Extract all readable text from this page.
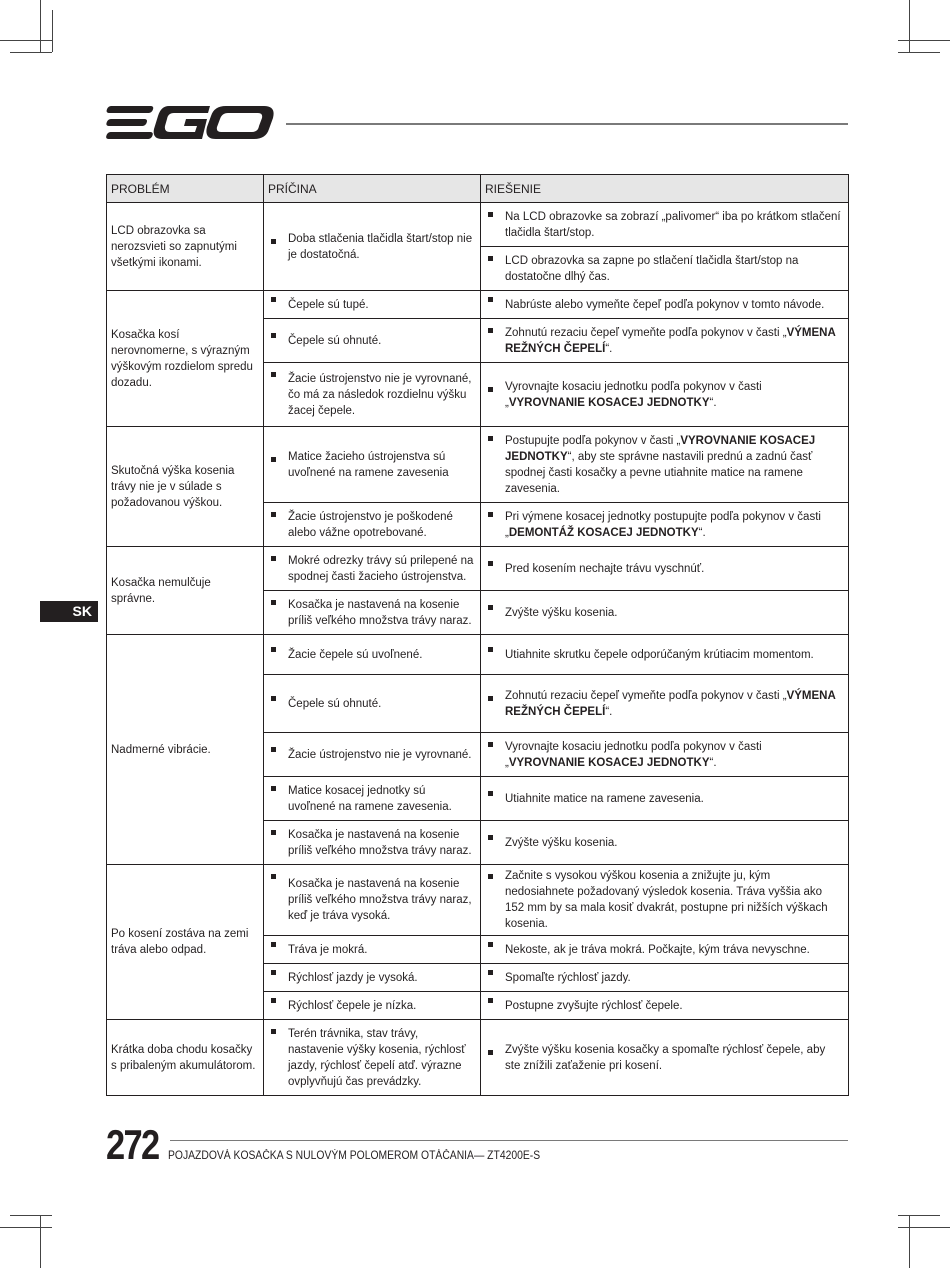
SK
PROBLÉM	PRÍČINA	RIEŠENIE
LCD obrazovka sa nerozsvieti so zapnutými všetkými ikonami.	Doba stlačenia tlačidla štart/stop nie je dostatočná.	Na LCD obrazovke sa zobrazí „palivomer“ iba po krátkom stlačení tlačidla štart/stop.
		LCD obrazovka sa zapne po stlačení tlačidla štart/stop na dostatočne dlhý čas.
Kosačka kosí nerovnomerne, s výrazným výškovým rozdielom spredu dozadu.	Čepele sú tupé.	Nabrúste alebo vymeňte čepeľ podľa pokynov v tomto návode.
	Čepele sú ohnuté.	Zohnutú rezaciu čepeľ vymeňte podľa pokynov v časti „VÝMENA REŽNÝCH ČEPELÍ“.
	Žacie ústrojenstvo nie je vyrovnané, čo má za následok rozdielnu výšku žacej čepele.	Vyrovnajte kosaciu jednotku podľa pokynov v časti „VYROVNANIE KOSACEJ JEDNOTKY“.
Skutočná výška kosenia trávy nie je v súlade s požadovanou výškou.	Matice žacieho ústrojenstva sú uvoľnené na ramene zavesenia	Postupujte podľa pokynov v časti „VYROVNANIE KOSACEJ JEDNOTKY“, aby ste správne nastavili prednú a zadnú časť spodnej časti kosačky a pevne utiahnite matice na ramene zavesenia.
	Žacie ústrojenstvo je poškodené alebo vážne opotrebované.	Pri výmene kosacej jednotky postupujte podľa pokynov v časti „DEMONTÁŽ KOSACEJ JEDNOTKY“.
Kosačka nemulčuje správne.	Mokré odrezky trávy sú prilepené na spodnej časti žacieho ústrojenstva.	Pred kosením nechajte trávu vyschnúť.
	Kosačka je nastavená na kosenie príliš veľkého množstva trávy naraz.	Zvýšte výšku kosenia.
Nadmerné vibrácie.	Žacie čepele sú uvoľnené.	Utiahnite skrutku čepele odporúčaným krútiacim momentom.
	Čepele sú ohnuté.	Zohnutú rezaciu čepeľ vymeňte podľa pokynov v časti „VÝMENA REŽNÝCH ČEPELÍ“.
	Žacie ústrojenstvo nie je vyrovnané.	Vyrovnajte kosaciu jednotku podľa pokynov v časti „VYROVNANIE KOSACEJ JEDNOTKY“.
	Matice kosacej jednotky sú uvoľnené na ramene zavesenia.	Utiahnite matice na ramene zavesenia.
	Kosačka je nastavená na kosenie príliš veľkého množstva trávy naraz.	Zvýšte výšku kosenia.
Po kosení zostáva na zemi tráva alebo odpad.	Kosačka je nastavená na kosenie príliš veľkého množstva trávy naraz, keď je tráva vysoká.	Začnite s vysokou výškou kosenia a znižujte ju, kým nedosiahnete požadovaný výsledok kosenia. Tráva vyššia ako 152 mm by sa mala kosiť dvakrát, postupne pri nižších výškach kosenia.
	Tráva je mokrá.	Nekoste, ak je tráva mokrá. Počkajte, kým tráva nevyschne.
	Rýchlosť jazdy je vysoká.	Spomaľte rýchlosť jazdy.
	Rýchlosť čepele je nízka.	Postupne zvyšujte rýchlosť čepele.
Krátka doba chodu kosačky s pribaleným akumulátorom.	Terén trávnika, stav trávy, nastavenie výšky kosenia, rýchlosť jazdy, rýchlosť čepelí atď. výrazne ovplyvňujú čas prevádzky.	Zvýšte výšku kosenia kosačky a spomaľte rýchlosť čepele, aby ste znížili zaťaženie pri kosení.
272 POJAZDOVÁ KOSAČKA S NULOVÝM POLOMEROM OTÁČANIA— ZT4200E-S
